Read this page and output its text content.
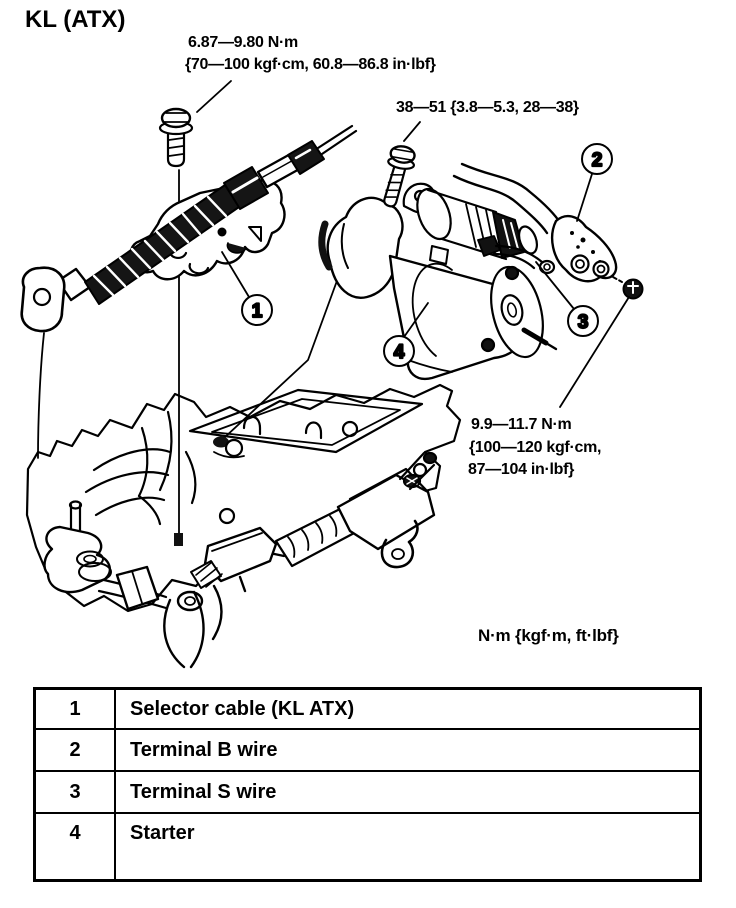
KL (ATX)
1
2
3
4
6.87—9.80 N·m
{70—100 kgf·cm, 60.8—86.8 in·lbf}
38—51 {3.8—5.3, 28—38}
9.9—11.7 N·m
{100—120 kgf·cm,
87—104 in·lbf}
N·m {kgf·m, ft·lbf}
1	Selector cable (KL ATX)
2	Terminal B wire
3	Terminal S wire
4	Starter
